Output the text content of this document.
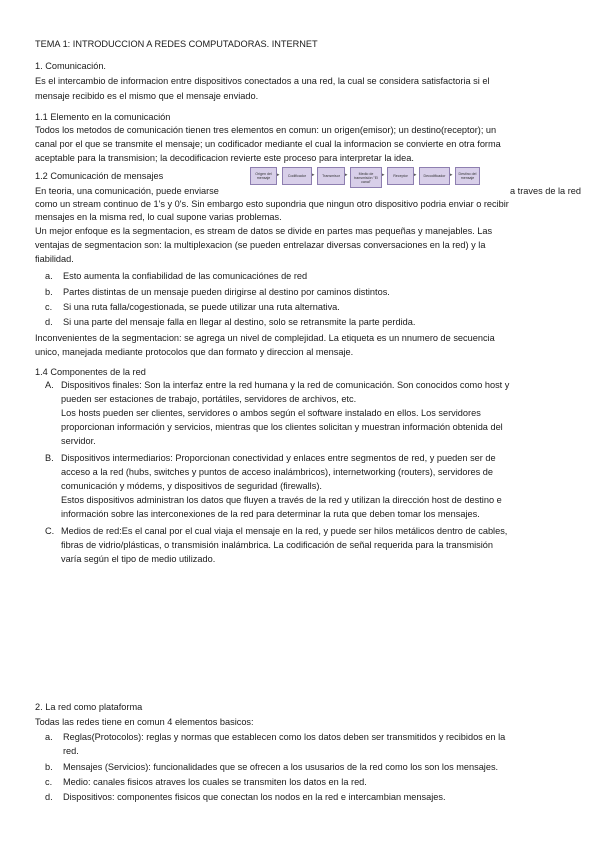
TEMA 1: INTRODUCCION A REDES COMPUTADORAS. INTERNET
1. Comunicación.
Es el intercambio de informacion entre dispositivos conectados a una red, la cual se considera satisfactoria si el
mensaje recibido es el mismo que el mensaje enviado.
1.1 Elemento en la comunicación
Todos los metodos de comunicación tienen tres elementos en comun: un origen(emisor); un destino(receptor); un
canal por el que se transmite el mensaje; un codificador mediante el cual la informacion se convierte en otra forma
aceptable para la transmision; la decodificacion revierte este proceso para interpretar la idea.
1.2 Comunicación de mensajes
En teoria, una comunicación, puede enviarse	a traves de la red
Origen del mensaje	▸	Codificador	▸	Transmisor	▸	Medio de transmisión "El canal"
▸	Receptor	▸	Decodificador ▸	Destino del mensaje
como un stream continuo de 1's y 0's. Sin embargo esto supondria que ningun otro dispositivo podria enviar o recibir
mensajes en la misma red, lo cual supone varias problemas.
Un mejor enfoque es la segmentacion, es stream de datos se divide en partes mas pequeñas y manejables. Las
ventajas de segmentacion son: la multiplexacion (se pueden entrelazar diversas conversaciones en la red) y la
fiabilidad.
a. Esto aumenta la confiabilidad de las comunicaciónes de red
b. Partes distintas de un mensaje pueden dirigirse al destino por caminos distintos.
c. Si una ruta falla/cogestionada, se puede utilizar una ruta alternativa.
d. Si una parte del mensaje falla en llegar al destino, solo se retransmite la parte perdida.
Inconvenientes de la segmentacion: se agrega un nivel de complejidad. La etiqueta es un nnumero de secuencia
unico, manejada mediante protocolos que dan formato y direccion al mensaje.
1.4 Componentes de la red
A. Dispositivos finales: Son la interfaz entre la red humana y la red de comunicación. Son conocidos como host y
pueden ser estaciones de trabajo, portátiles, servidores de archivos, etc.
Los hosts pueden ser clientes, servidores o ambos según el software instalado en ellos. Los servidores
proporcionan información y servicios, mientras que los clientes solicitan y muestran información obtenida del
servidor.
B. Dispositivos intermediarios: Proporcionan conectividad y enlaces entre segmentos de red, y pueden ser de
acceso a la red (hubs, switches y puntos de acceso inalámbricos), internetworking (routers), servidores de
comunicación y módems, y dispositivos de seguridad (firewalls).
Estos dispositivos administran los datos que fluyen a través de la red y utilizan la dirección host de destino e
información sobre las interconexiones de la red para determinar la ruta que deben tomar los mensajes.
C. Medios de red:Es el canal por el cual viaja el mensaje en la red, y puede ser hilos metálicos dentro de cables,
fibras de vidrio/plásticas, o transmisión inalámbrica. La codificación de señal requerida para la transmisión
varía según el tipo de medio utilizado.
2. La red como plataforma
Todas las redes tiene en comun 4 elementos basicos:
a. Reglas(Protocolos): reglas y normas que establecen como los datos deben ser transmitidos y recibidos en la
red.
b. Mensajes (Servicios): funcionalidades que se ofrecen a los ususarios de la red como los son los mensajes.
c. Medio: canales fisicos atraves los cuales se transmiten los datos en la red.
d. Dispositivos: componentes fisicos que conectan los nodos en la red e intercambian mensajes.
